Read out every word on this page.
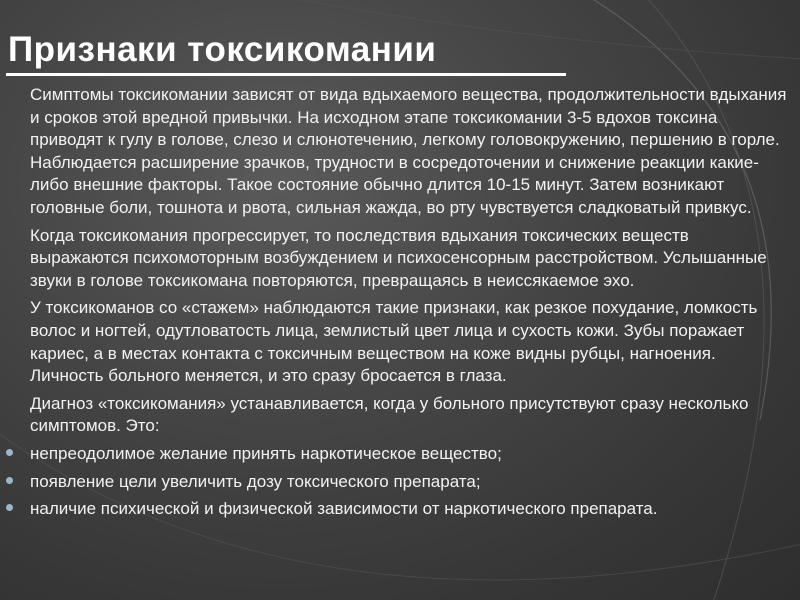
Признаки токсикомании

Симптомы токсикомании зависят от вида вдыхаемого вещества, продолжительности вдыхания и сроков этой вредной привычки. На исходном этапе токсикомании 3-5 вдохов токсина приводят к гулу в голове, слезо и слюнотечению, легкому головокружению, першению в горле. Наблюдается расширение зрачков, трудности в сосредоточении и снижение реакции какие-либо внешние факторы. Такое состояние обычно длится 10-15 минут. Затем возникают головные боли, тошнота и рвота, сильная жажда, во рту чувствуется сладковатый привкус.

Когда токсикомания прогрессирует, то последствия вдыхания токсических веществ выражаются психомоторным возбуждением и психосенсорным расстройством. Услышанные звуки в голове токсикомана повторяются, превращаясь в неиссякаемое эхо.

У токсикоманов со «стажем» наблюдаются такие признаки, как резкое похудание, ломкость волос и ногтей, одутловатость лица, землистый цвет лица и сухость кожи. Зубы поражает кариес, а в местах контакта с токсичным веществом на коже видны рубцы, нагноения. Личность больного меняется, и это сразу бросается в глаза.

Диагноз «токсикомания» устанавливается, когда у больного присутствуют сразу несколько симптомов. Это:

непреодолимое желание принять наркотическое вещество;
появление цели увеличить дозу токсического препарата;
наличие психической и физической зависимости от наркотического препарата.
